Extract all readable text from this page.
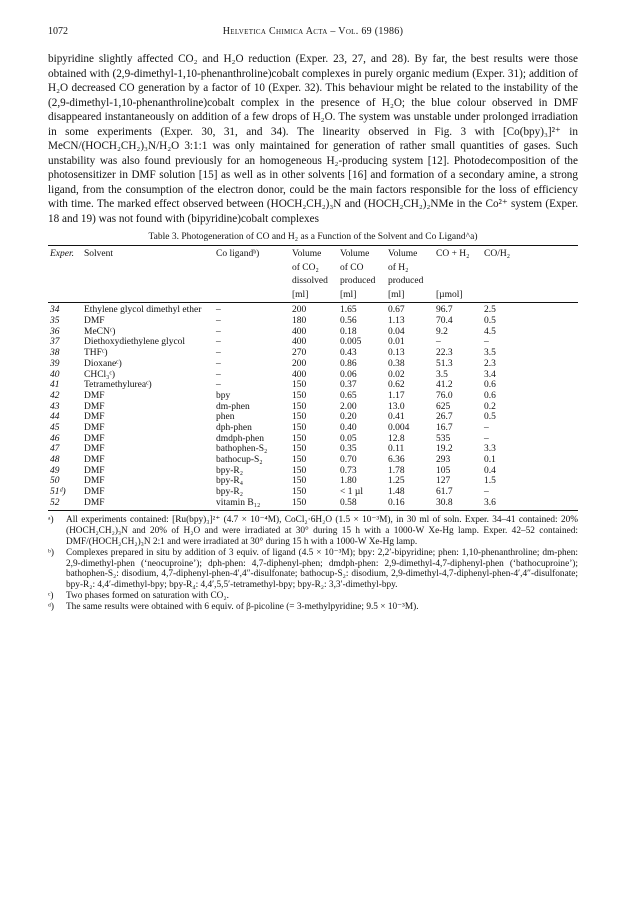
1072	Helvetica Chimica Acta – Vol. 69 (1986)

bipyridine slightly affected CO₂ and H₂O reduction (Exper. 23, 27, and 28). By far, the best results were those obtained with (2,9-dimethyl-1,10-phenanthroline)cobalt complexes in purely organic medium (Exper. 31); addition of H₂O decreased CO generation by a factor of 10 (Exper. 32). This behaviour might be related to the instability of the (2,9-dimethyl-1,10-phenanthroline)cobalt complex in the presence of H₂O; the blue colour observed in DMF disappeared instantaneously on addition of a few drops of H₂O. The system was unstable under prolonged irradiation in some experiments (Exper. 30, 31, and 34). The linearity observed in Fig. 3 with [Co(bpy)₃]²⁺ in MeCN/(HOCH₂CH₂)₃N/H₂O 3:1:1 was only maintained for generation of rather small quantities of gases. Such unstability was also found previously for an homogeneous H₂-producing system [12]. Photodecomposition of the photosensitizer in DMF solution [15] as well as in other solvents [16] and formation of a secondary amine, a strong ligand, from the consumption of the electron donor, could be the main factors responsible for the loss of efficiency with time. The marked effect observed between (HOCH₂CH₂)₃N and (HOCH₂CH₂)₂NMe in the Co²⁺ system (Exper. 18 and 19) was not found with (bipyridine)cobalt complexes

Table 3. Photogeneration of CO and H₂ as a Function of the Solvent and Co Ligand^a)
Exper.	Solvent	Co ligandᵇ)	Volume	Volume	Volume	CO + H₂	CO/H₂
			of CO₂	of CO	of H₂		
			dissolved	produced	produced		
			[ml]	[ml]	[ml]	[µmol]	
34	Ethylene glycol dimethyl ether	–	200	1.65	0.67	96.7	2.5
35	DMF	–	180	0.56	1.13	70.4	0.5
36	MeCNᶜ)	–	400	0.18	0.04	9.2	4.5
37	Diethoxydiethylene glycol	–	400	0.005	0.01	–	–
38	THFᶜ)	–	270	0.43	0.13	22.3	3.5
39	Dioxaneᶜ)	–	200	0.86	0.38	51.3	2.3
40	CHCl₃ᶜ)	–	400	0.06	0.02	3.5	3.4
41	Tetramethylureaᶜ)	–	150	0.37	0.62	41.2	0.6
42	DMF	bpy	150	0.65	1.17	76.0	0.6
43	DMF	dm-phen	150	2.00	13.0	625	0.2
44	DMF	phen	150	0.20	0.41	26.7	0.5
45	DMF	dph-phen	150	0.40	0.004	16.7	–
46	DMF	dmdph-phen	150	0.05	12.8	535	–
47	DMF	bathophen-S₂	150	0.35	0.11	19.2	3.3
48	DMF	bathocup-S₂	150	0.70	6.36	293	0.1
49	DMF	bpy-R₂	150	0.73	1.78	105	0.4
50	DMF	bpy-R₄	150	1.80	1.25	127	1.5
51ᵈ)	DMF	bpy-R₂	150	< 1 µl	1.48	61.7	–
52	DMF	vitamin B₁₂	150	0.58	0.16	30.8	3.6
ᵃ)	All experiments contained: [Ru(bpy)₃]²⁺ (4.7 × 10⁻⁴M), CoCl₂·6H₂O (1.5 × 10⁻³M), in 30 ml of soln. Exper. 34–41 contained: 20% (HOCH₂CH₂)₃N and 20% of H₂O and were irradiated at 30° during 15 h with a 1000-W Xe-Hg lamp. Exper. 42–52 contained: DMF/(HOCH₂CH₂)₃N 2:1 and were irradiated at 30° during 15 h with a 1000-W Xe-Hg lamp.
ᵇ)	Complexes prepared in situ by addition of 3 equiv. of ligand (4.5 × 10⁻³M); bpy: 2,2′-bipyridine; phen: 1,10-phenanthroline; dm-phen: 2,9-dimethyl-phen (‘neocuproine’); dph-phen: 4,7-diphenyl-phen; dmdph-phen: 2,9-dimethyl-4,7-diphenyl-phen (‘bathocuproine’); bathophen-S₂: disodium, 4,7-diphenyl-phen-4′,4″-disulfonate; bathocup-S₂: disodium, 2,9-dimethyl-4,7-diphenyl-phen-4′,4″-disulfonate; bpy-R₂: 4,4′-dimethyl-bpy; bpy-R₄: 4,4′,5,5′-tetramethyl-bpy; bpy-R₂: 3,3′-dimethyl-bpy.
ᶜ)	Two phases formed on saturation with CO₂.
ᵈ)	The same results were obtained with 6 equiv. of β-picoline (= 3-methylpyridine; 9.5 × 10⁻³M).
